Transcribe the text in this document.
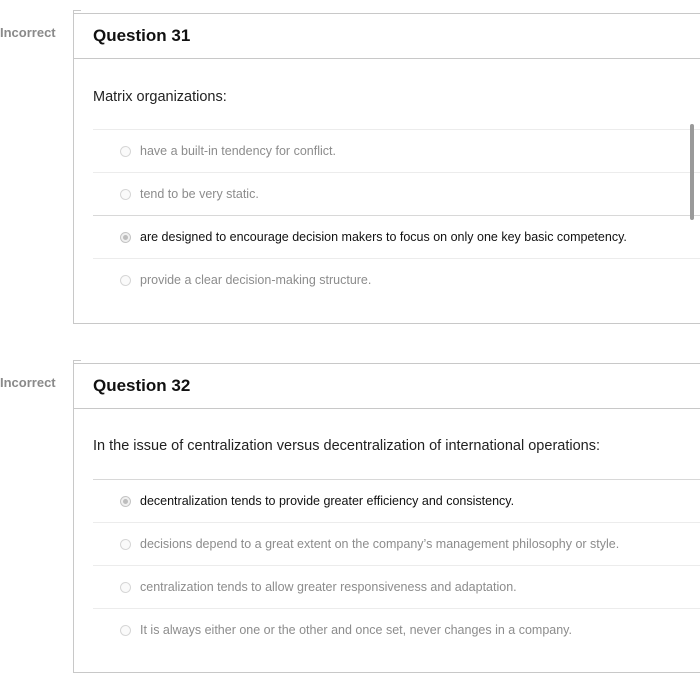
Incorrect	Question 31
Matrix organizations:
have a built-in tendency for conflict.
tend to be very static.
are designed to encourage decision makers to focus on only one key basic competency.
provide a clear decision-making structure.
Incorrect	Question 32
In the issue of centralization versus decentralization of international operations:
decentralization tends to provide greater efficiency and consistency.
decisions depend to a great extent on the company’s management philosophy or style.
centralization tends to allow greater responsiveness and adaptation.
It is always either one or the other and once set, never changes in a company.
